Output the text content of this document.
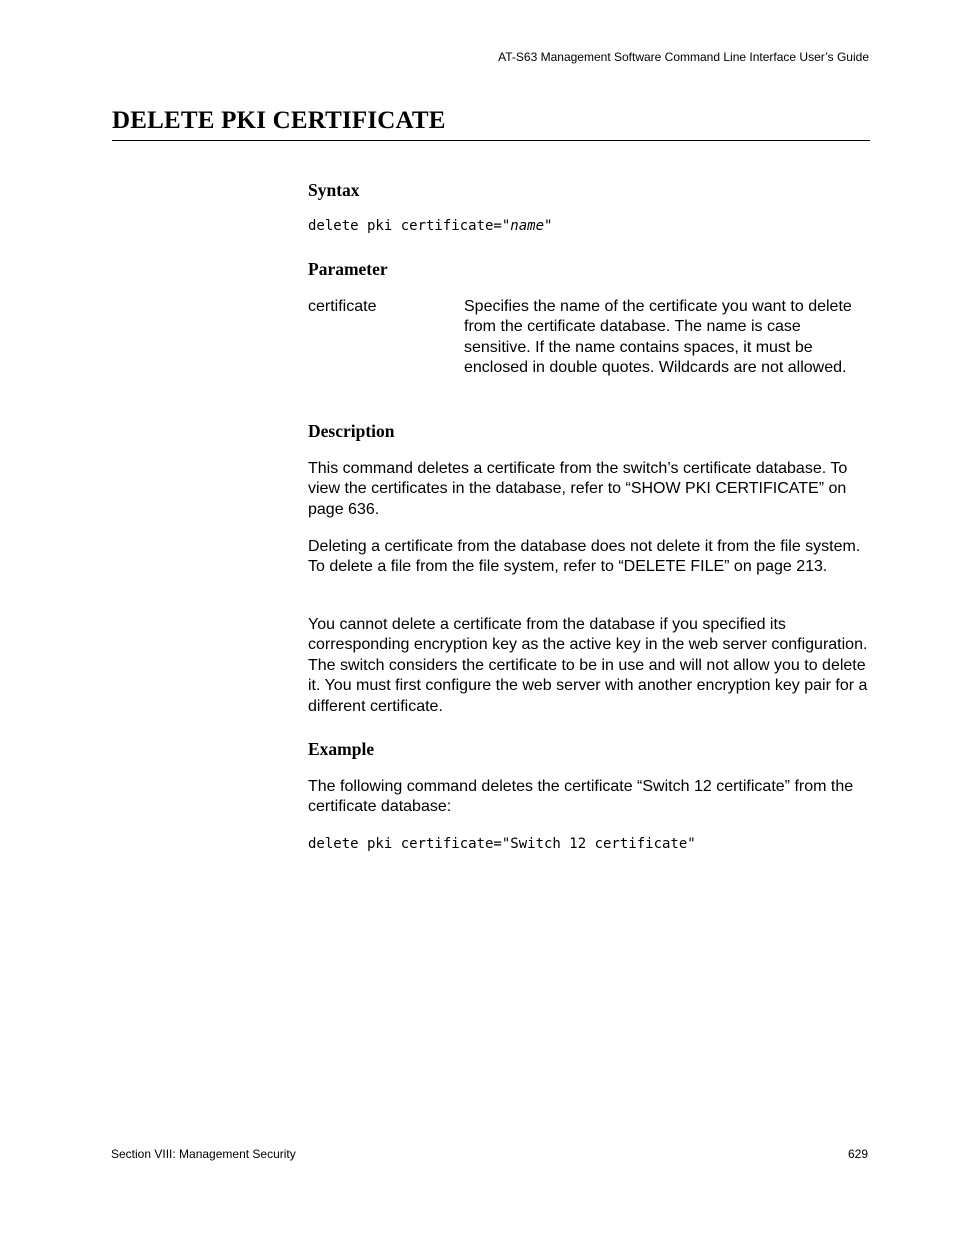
AT-S63 Management Software Command Line Interface User’s Guide
DELETE PKI CERTIFICATE
Syntax
delete pki certificate="name"
Parameter
certificate	Specifies the name of the certificate you want to delete from the certificate database. The name is case sensitive. If the name contains spaces, it must be enclosed in double quotes. Wildcards are not allowed.
Description

This command deletes a certificate from the switch’s certificate database. To view the certificates in the database, refer to “SHOW PKI CERTIFICATE” on page 636.

Deleting a certificate from the database does not delete it from the file system. To delete a file from the file system, refer to “DELETE FILE” on page 213.

You cannot delete a certificate from the database if you specified its corresponding encryption key as the active key in the web server configuration. The switch considers the certificate to be in use and will not allow you to delete it. You must first configure the web server with another encryption key pair for a different certificate.

Example

The following command deletes the certificate “Switch 12 certificate” from the certificate database:

delete pki certificate="Switch 12 certificate"
Section VIII: Management Security	629
